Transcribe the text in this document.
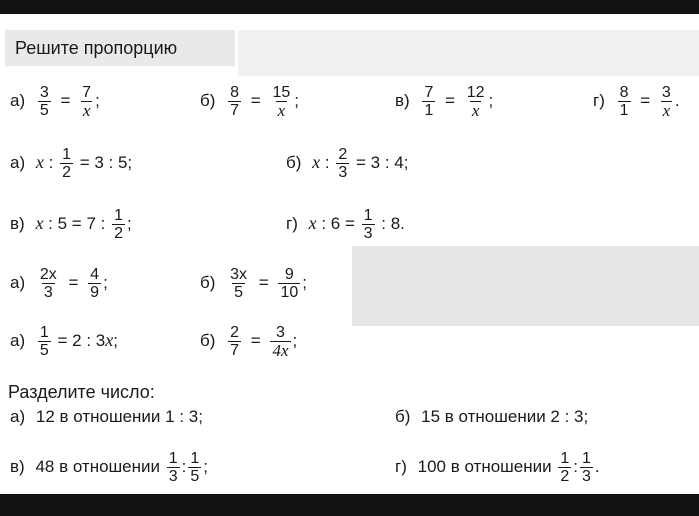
Решите пропорцию
$а) \frac{3}{5} = \frac{7}{x}$ ;	$б) \frac{8}{7} = \frac{15}{x}$ ;	$в) \frac{7}{1} = \frac{12}{x}$ ;	$г) \frac{8}{1} = \frac{3}{x}$ .
а) x : $\frac{1}{2} = 3$ : 5;	б) x : $\frac{2}{3} = 3$ : 4;
в) x : 5 = 7 : $\frac{1}{2}$ ;	г) x : $6 = \frac{1}{3}$ : 8.
$а) \frac{2x}{3} = \frac{4}{9}$ ;	$б) \frac{3x}{5} = \frac{9}{10}$ ;
$а) \frac{1}{5} = 2$ : 3x;	$б) \frac{2}{7} = \frac{3}{4x}$ ;
Разделите число:
а) 12 в отношении 1 : 3;	б) 15 в отношении 2 : 3;
в) 48 в отношении $\frac{1}{3}$ : $\frac{1}{5}$ ;	г) 100 в отношении $\frac{1}{2}$ : $\frac{1}{3}$ .
